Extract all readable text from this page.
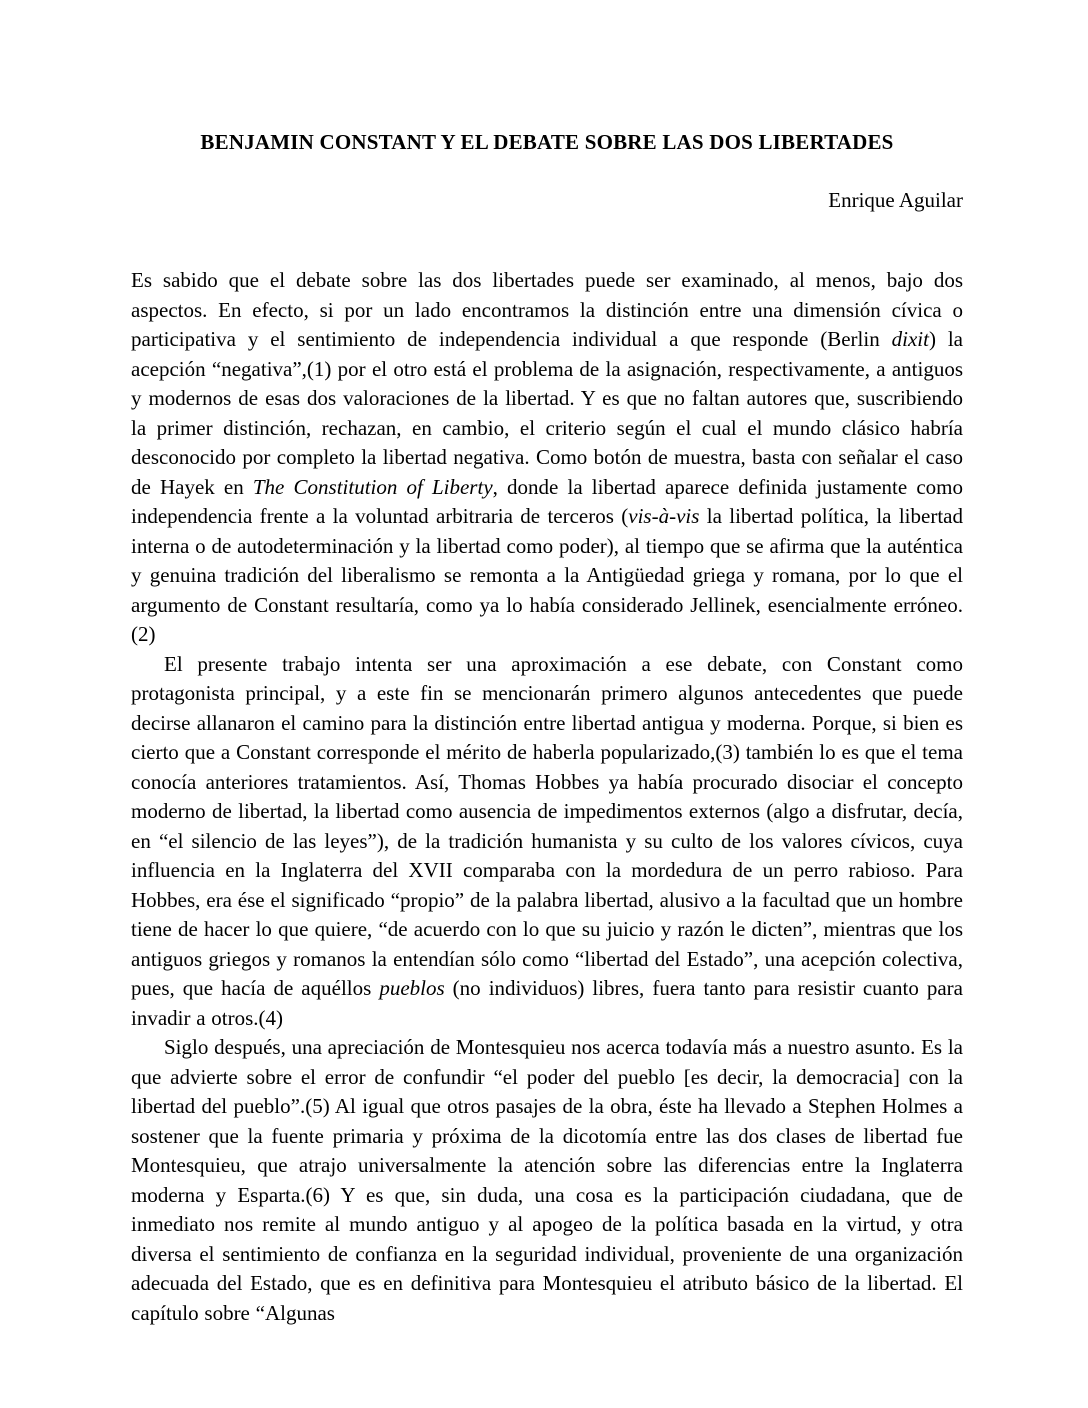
BENJAMIN CONSTANT Y EL DEBATE SOBRE LAS DOS LIBERTADES
Enrique Aguilar

Es sabido que el debate sobre las dos libertades puede ser examinado, al menos, bajo dos aspectos. En efecto, si por un lado encontramos la distinción entre una dimensión cívica o participativa y el sentimiento de independencia individual a que responde (Berlin dixit) la acepción “negativa”,(1) por el otro está el problema de la asignación, respectivamente, a antiguos y modernos de esas dos valoraciones de la libertad. Y es que no faltan autores que, suscribiendo la primer distinción, rechazan, en cambio, el criterio según el cual el mundo clásico habría desconocido por completo la libertad negativa. Como botón de muestra, basta con señalar el caso de Hayek en The Constitution of Liberty, donde la libertad aparece definida justamente como independencia frente a la voluntad arbitraria de terceros (vis-à-vis la libertad política, la libertad interna o de autodeterminación y la libertad como poder), al tiempo que se afirma que la auténtica y genuina tradición del liberalismo se remonta a la Antigüedad griega y romana, por lo que el argumento de Constant resultaría, como ya lo había considerado Jellinek, esencialmente erróneo.(2)

El presente trabajo intenta ser una aproximación a ese debate, con Constant como protagonista principal, y a este fin se mencionarán primero algunos antecedentes que puede decirse allanaron el camino para la distinción entre libertad antigua y moderna. Porque, si bien es cierto que a Constant corresponde el mérito de haberla popularizado,(3) también lo es que el tema conocía anteriores tratamientos. Así, Thomas Hobbes ya había procurado disociar el concepto moderno de libertad, la libertad como ausencia de impedimentos externos (algo a disfrutar, decía, en “el silencio de las leyes”), de la tradición humanista y su culto de los valores cívicos, cuya influencia en la Inglaterra del XVII comparaba con la mordedura de un perro rabioso. Para Hobbes, era ése el significado “propio” de la palabra libertad, alusivo a la facultad que un hombre tiene de hacer lo que quiere, “de acuerdo con lo que su juicio y razón le dicten”, mientras que los antiguos griegos y romanos la entendían sólo como “libertad del Estado”, una acepción colectiva, pues, que hacía de aquéllos pueblos (no individuos) libres, fuera tanto para resistir cuanto para invadir a otros.(4)

Siglo después, una apreciación de Montesquieu nos acerca todavía más a nuestro asunto. Es la que advierte sobre el error de confundir “el poder del pueblo [es decir, la democracia] con la libertad del pueblo”.(5) Al igual que otros pasajes de la obra, éste ha llevado a Stephen Holmes a sostener que la fuente primaria y próxima de la dicotomía entre las dos clases de libertad fue Montesquieu, que atrajo universalmente la atención sobre las diferencias entre la Inglaterra moderna y Esparta.(6) Y es que, sin duda, una cosa es la participación ciudadana, que de inmediato nos remite al mundo antiguo y al apogeo de la política basada en la virtud, y otra diversa el sentimiento de confianza en la seguridad individual, proveniente de una organización adecuada del Estado, que es en definitiva para Montesquieu el atributo básico de la libertad. El capítulo sobre “Algunas
